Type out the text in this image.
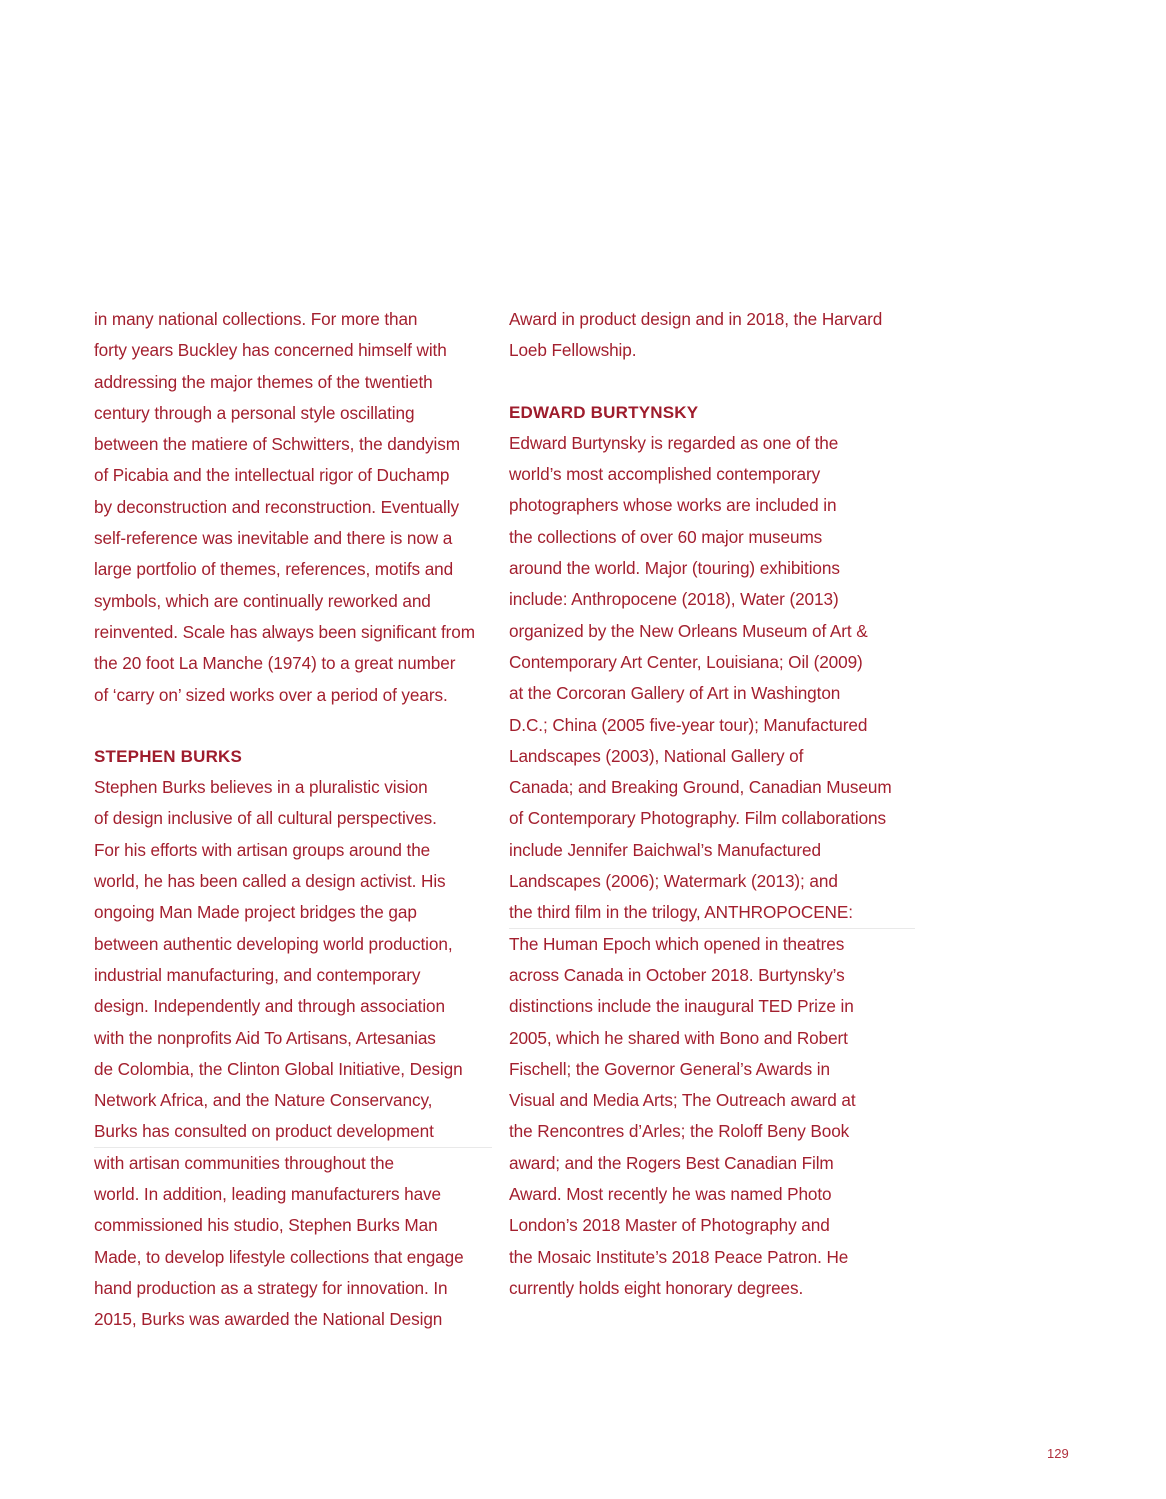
in many national collections. For more than
forty years Buckley has concerned himself with
addressing the major themes of the twentieth
century through a personal style oscillating
between the matiere of Schwitters, the dandyism
of Picabia and the intellectual rigor of Duchamp
by deconstruction and reconstruction. Eventually
self-reference was inevitable and there is now a
large portfolio of themes, references, motifs and
symbols, which are continually reworked and
reinvented. Scale has always been significant from
the 20 foot La Manche (1974) to a great number
of ‘carry on’ sized works over a period of years.
STEPHEN BURKS
Stephen Burks believes in a pluralistic vision
of design inclusive of all cultural perspectives.
For his efforts with artisan groups around the
world, he has been called a design activist. His
ongoing Man Made project bridges the gap
between authentic developing world production,
industrial manufacturing, and contemporary
design. Independently and through association
with the nonprofits Aid To Artisans, Artesanias
de Colombia, the Clinton Global Initiative, Design
Network Africa, and the Nature Conservancy,
Burks has consulted on product development
with artisan communities throughout the
world. In addition, leading manufacturers have
commissioned his studio, Stephen Burks Man
Made, to develop lifestyle collections that engage
hand production as a strategy for innovation. In
2015, Burks was awarded the National Design
Award in product design and in 2018, the Harvard
Loeb Fellowship.
EDWARD BURTYNSKY
Edward Burtynsky is regarded as one of the
world’s most accomplished contemporary
photographers whose works are included in
the collections of over 60 major museums
around the world. Major (touring) exhibitions
include: Anthropocene (2018), Water (2013)
organized by the New Orleans Museum of Art &
Contemporary Art Center, Louisiana; Oil (2009)
at the Corcoran Gallery of Art in Washington
D.C.; China (2005 five-year tour); Manufactured
Landscapes (2003), National Gallery of
Canada; and Breaking Ground, Canadian Museum
of Contemporary Photography. Film collaborations
include Jennifer Baichwal’s Manufactured
Landscapes (2006); Watermark (2013); and
the third film in the trilogy, ANTHROPOCENE:
The Human Epoch which opened in theatres
across Canada in October 2018. Burtynsky’s
distinctions include the inaugural TED Prize in
2005, which he shared with Bono and Robert
Fischell; the Governor General’s Awards in
Visual and Media Arts; The Outreach award at
the Rencontres d’Arles; the Roloff Beny Book
award; and the Rogers Best Canadian Film
Award. Most recently he was named Photo
London’s 2018 Master of Photography and
the Mosaic Institute’s 2018 Peace Patron. He
currently holds eight honorary degrees.
129
